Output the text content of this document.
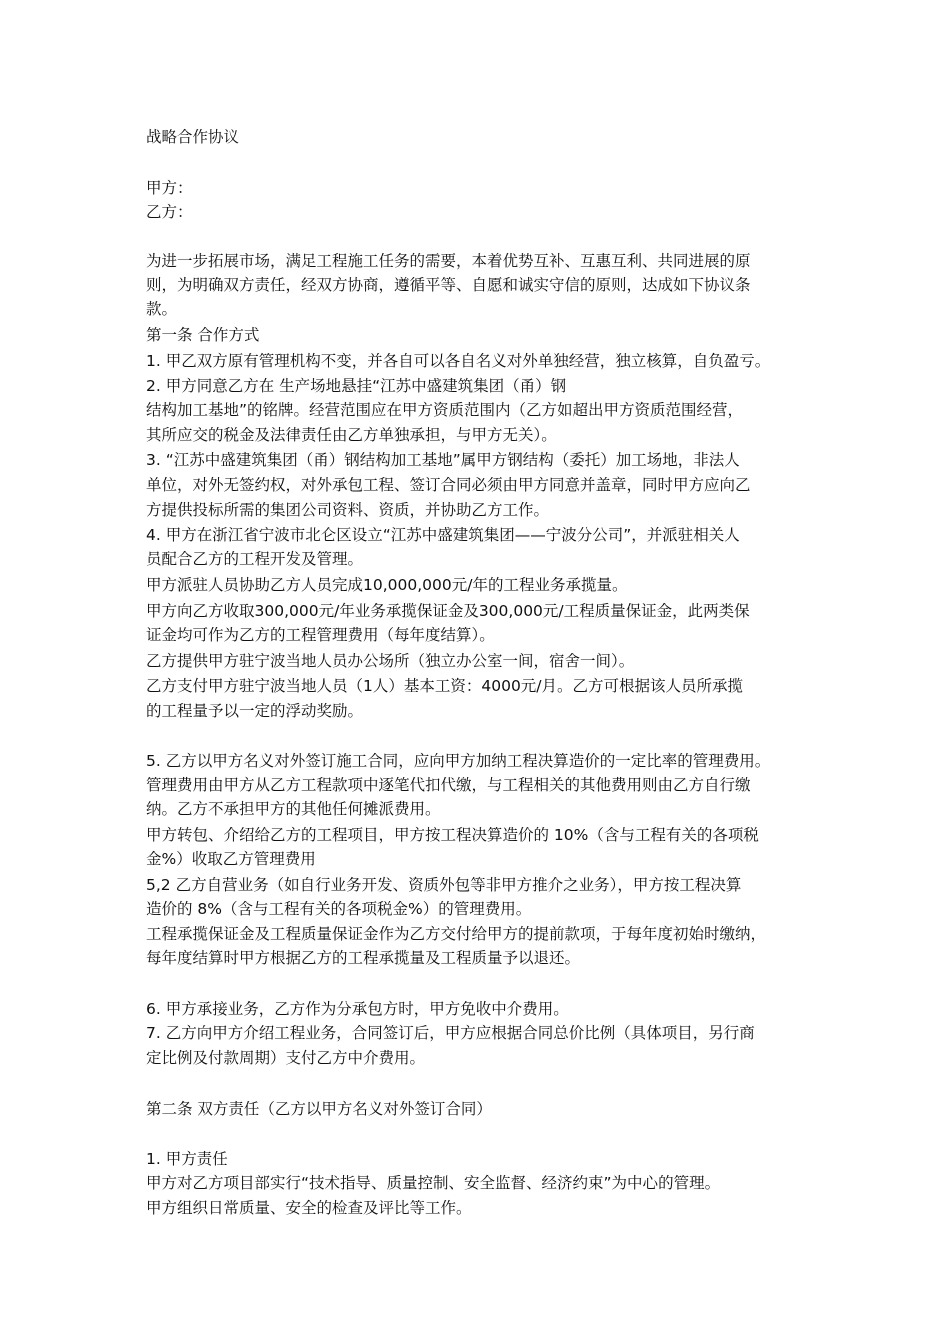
战略合作协议
甲方：
乙方：
为进一步拓展市场，满足工程施工任务的需要，本着优势互补、互惠互利、共同进展的原
则，为明确双方责任，经双方协商，遵循平等、自愿和诚实守信的原则，达成如下协议条
款。
第一条 合作方式
1. 甲乙双方原有管理机构不变，并各自可以各自名义对外单独经营，独立核算，自负盈亏。
2. 甲方同意乙方在 生产场地悬挂“江苏中盛建筑集团（甬）钢
结构加工基地”的铭牌。经营范围应在甲方资质范围内（乙方如超出甲方资质范围经营，
其所应交的税金及法律责任由乙方单独承担，与甲方无关）。
3. “江苏中盛建筑集团（甬）钢结构加工基地”属甲方钢结构（委托）加工场地，非法人
单位，对外无签约权，对外承包工程、签订合同必须由甲方同意并盖章，同时甲方应向乙
方提供投标所需的集团公司资料、资质，并协助乙方工作。
4. 甲方在浙江省宁波市北仑区设立“江苏中盛建筑集团——宁波分公司”，并派驻相关人
员配合乙方的工程开发及管理。
甲方派驻人员协助乙方人员完成10,000,000元/年的工程业务承揽量。
甲方向乙方收取300,000元/年业务承揽保证金及300,000元/工程质量保证金，此两类保
证金均可作为乙方的工程管理费用（每年度结算）。
乙方提供甲方驻宁波当地人员办公场所（独立办公室一间，宿舍一间）。
乙方支付甲方驻宁波当地人员（1人）基本工资：4000元/月。乙方可根据该人员所承揽
的工程量予以一定的浮动奖励。
5. 乙方以甲方名义对外签订施工合同，应向甲方加纳工程决算造价的一定比率的管理费用。
管理费用由甲方从乙方工程款项中逐笔代扣代缴，与工程相关的其他费用则由乙方自行缴
纳。乙方不承担甲方的其他任何摊派费用。
甲方转包、介绍给乙方的工程项目，甲方按工程决算造价的 10%（含与工程有关的各项税
金%）收取乙方管理费用
5,2 乙方自营业务（如自行业务开发、资质外包等非甲方推介之业务），甲方按工程决算
造价的 8%（含与工程有关的各项税金%）的管理费用。
工程承揽保证金及工程质量保证金作为乙方交付给甲方的提前款项，于每年度初始时缴纳，
每年度结算时甲方根据乙方的工程承揽量及工程质量予以退还。
6. 甲方承接业务，乙方作为分承包方时，甲方免收中介费用。
7. 乙方向甲方介绍工程业务，合同签订后，甲方应根据合同总价比例（具体项目，另行商
定比例及付款周期）支付乙方中介费用。
第二条 双方责任（乙方以甲方名义对外签订合同）
1. 甲方责任
甲方对乙方项目部实行“技术指导、质量控制、安全监督、经济约束”为中心的管理。
甲方组织日常质量、安全的检查及评比等工作。
